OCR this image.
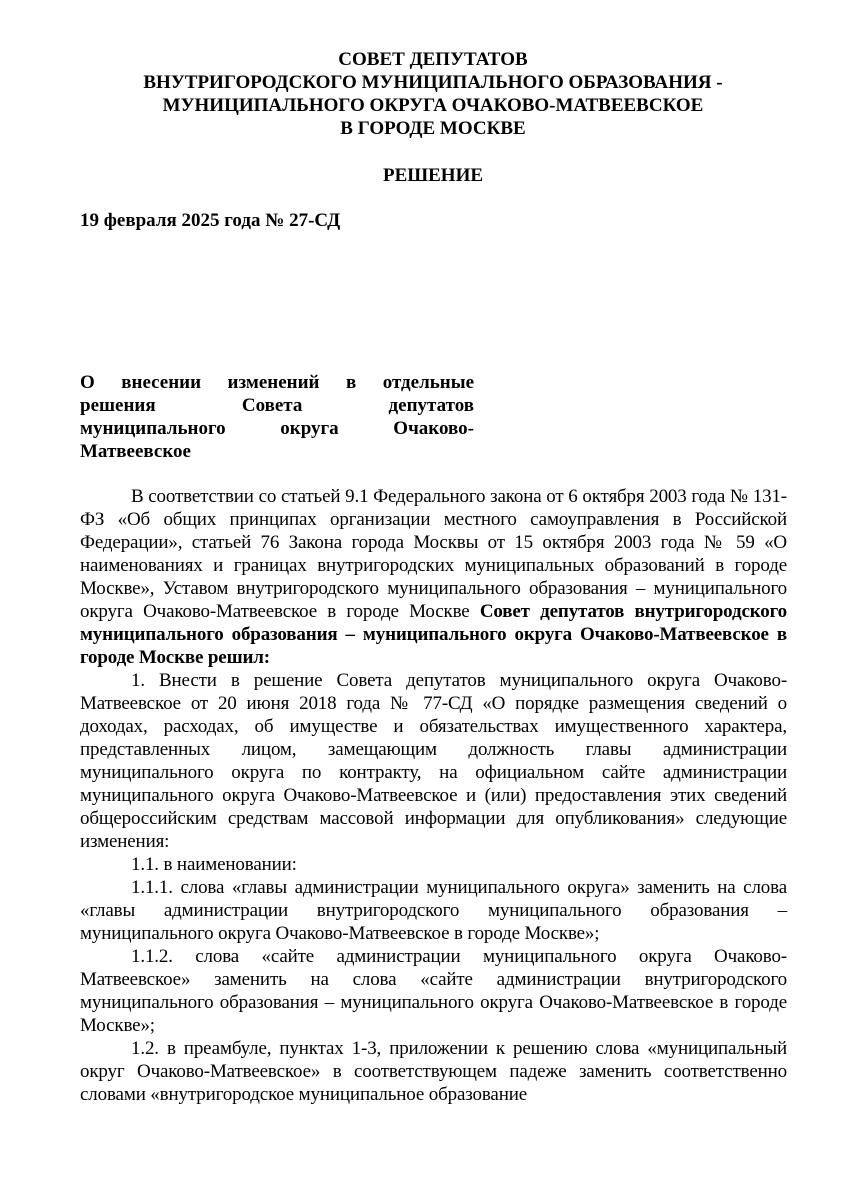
СОВЕТ ДЕПУТАТОВ
ВНУТРИГОРОДСКОГО МУНИЦИПАЛЬНОГО ОБРАЗОВАНИЯ -
МУНИЦИПАЛЬНОГО ОКРУГА ОЧАКОВО-МАТВЕЕВСКОЕ
В ГОРОДЕ МОСКВЕ
РЕШЕНИЕ
19 февраля 2025 года № 27-СД
О внесении изменений в отдельные
решения Совета депутатов
муниципального округа Очаково-
Матвеевское

В соответствии со статьей 9.1 Федерального закона от 6 октября 2003 года № 131-ФЗ «Об общих принципах организации местного самоуправления в Российской Федерации», статьей 76 Закона города Москвы от 15 октября 2003 года № 59 «О наименованиях и границах внутригородских муниципальных образований в городе Москве», Уставом внутригородского муниципального образования – муниципального округа Очаково-Матвеевское в городе Москве Совет депутатов внутригородского муниципального образования – муниципального округа Очаково-Матвеевское в городе Москве решил:

1. Внести в решение Совета депутатов муниципального округа Очаково-Матвеевское от 20 июня 2018 года № 77-СД «О порядке размещения сведений о доходах, расходах, об имуществе и обязательствах имущественного характера, представленных лицом, замещающим должность главы администрации муниципального округа по контракту, на официальном сайте администрации муниципального округа Очаково-Матвеевское и (или) предоставления этих сведений общероссийским средствам массовой информации для опубликования» следующие изменения:

1.1. в наименовании:

1.1.1. слова «главы администрации муниципального округа» заменить на слова «главы администрации внутригородского муниципального образования – муниципального округа Очаково-Матвеевское в городе Москве»;

1.1.2. слова «сайте администрации муниципального округа Очаково-Матвеевское» заменить на слова «сайте администрации внутригородского муниципального образования – муниципального округа Очаково-Матвеевское в городе Москве»;

1.2. в преамбуле, пунктах 1-3, приложении к решению слова «муниципальный округ Очаково-Матвеевское» в соответствующем падеже заменить соответственно словами «внутригородское муниципальное образование
